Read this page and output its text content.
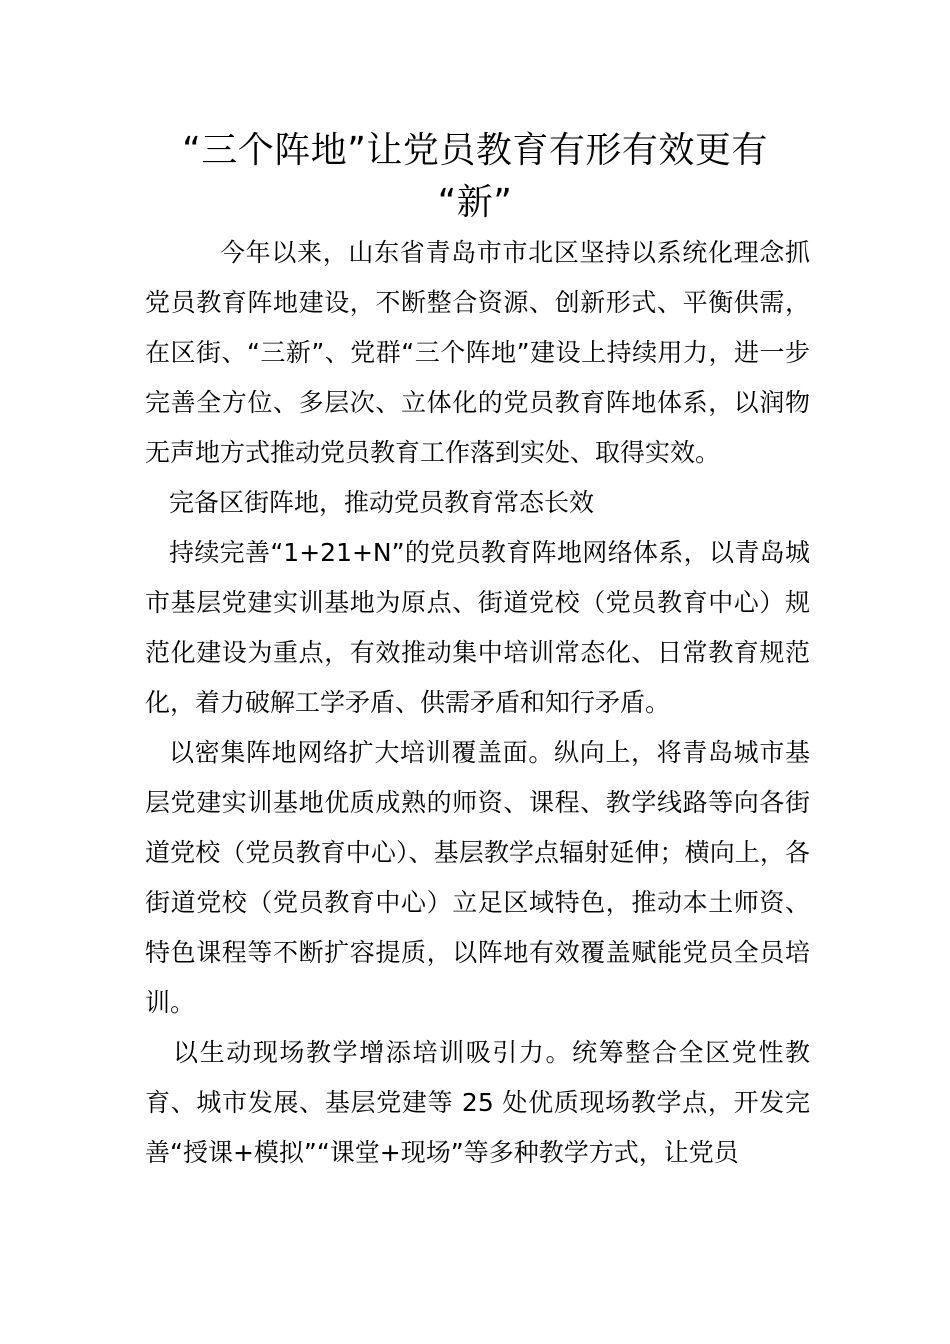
“三个阵地”让党员教育有形有效更有
“新”

今年以来，山东省青岛市市北区坚持以系统化理念抓党员教育阵地建设，不断整合资源、创新形式、平衡供需，在区街、“三新”、党群“三个阵地”建设上持续用力，进一步完善全方位、多层次、立体化的党员教育阵地体系，以润物无声地方式推动党员教育工作落到实处、取得实效。

完备区街阵地，推动党员教育常态长效

持续完善“1+21+N”的党员教育阵地网络体系，以青岛城市基层党建实训基地为原点、街道党校（党员教育中心）规范化建设为重点，有效推动集中培训常态化、日常教育规范化，着力破解工学矛盾、供需矛盾和知行矛盾。

以密集阵地网络扩大培训覆盖面。纵向上，将青岛城市基层党建实训基地优质成熟的师资、课程、教学线路等向各街道党校（党员教育中心）、基层教学点辐射延伸；横向上，各街道党校（党员教育中心）立足区域特色，推动本土师资、特色课程等不断扩容提质，以阵地有效覆盖赋能党员全员培训。

以生动现场教学增添培训吸引力。统筹整合全区党性教育、城市发展、基层党建等 25 处优质现场教学点，开发完善“授课+模拟”“课堂+现场”等多种教学方式，让党员
